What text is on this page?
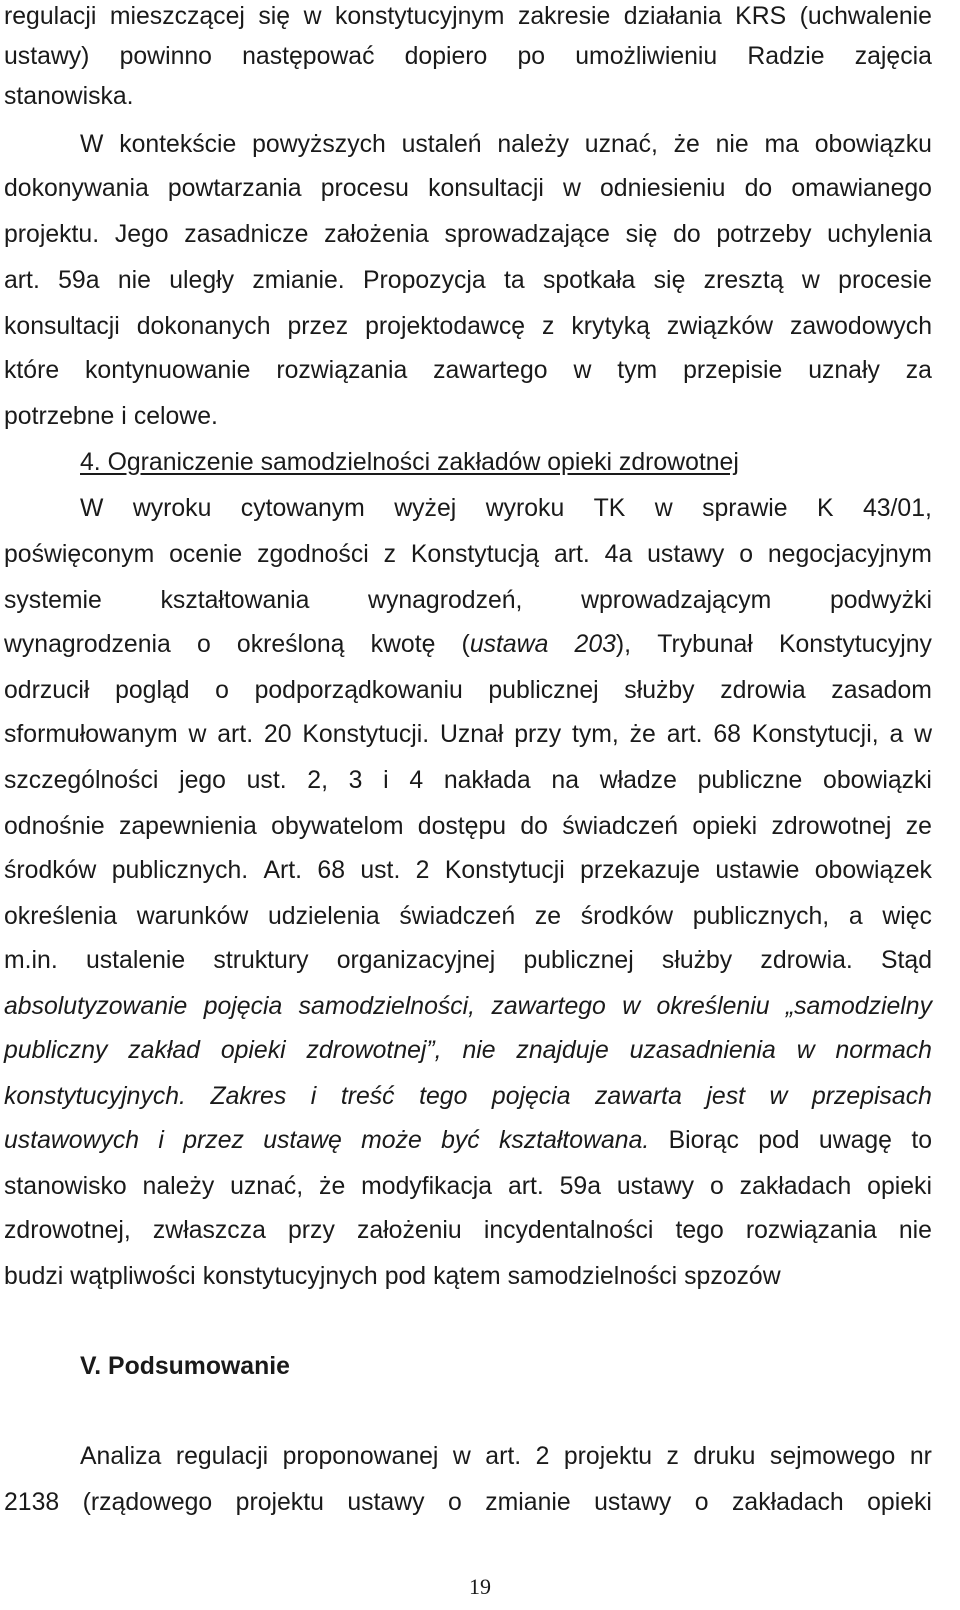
regulacji mieszczącej się w konstytucyjnym zakresie działania KRS (uchwalenie
ustawy) powinno następować dopiero po umożliwieniu Radzie zajęcia
stanowiska.
W kontekście powyższych ustaleń należy uznać, że nie ma obowiązku
dokonywania powtarzania procesu konsultacji w odniesieniu do omawianego
projektu. Jego zasadnicze założenia sprowadzające się do potrzeby uchylenia
art. 59a nie uległy zmianie. Propozycja ta spotkała się zresztą w procesie
konsultacji dokonanych przez projektodawcę z krytyką związków zawodowych
które kontynuowanie rozwiązania zawartego w tym przepisie uznały za
potrzebne i celowe.
4. Ograniczenie samodzielności zakładów opieki zdrowotnej
W wyroku cytowanym wyżej wyroku TK w sprawie K 43/01,
poświęconym ocenie zgodności z Konstytucją art. 4a ustawy o negocjacyjnym
systemie kształtowania wynagrodzeń, wprowadzającym podwyżki
wynagrodzenia o określoną kwotę (ustawa 203), Trybunał Konstytucyjny
odrzucił pogląd o podporządkowaniu publicznej służby zdrowia zasadom
sformułowanym w art. 20 Konstytucji. Uznał przy tym, że art. 68 Konstytucji, a w
szczególności jego ust. 2, 3 i 4 nakłada na władze publiczne obowiązki
odnośnie zapewnienia obywatelom dostępu do świadczeń opieki zdrowotnej ze
środków publicznych. Art. 68 ust. 2 Konstytucji przekazuje ustawie obowiązek
określenia warunków udzielenia świadczeń ze środków publicznych, a więc
m.in. ustalenie struktury organizacyjnej publicznej służby zdrowia. Stąd
absolutyzowanie pojęcia samodzielności, zawartego w określeniu „samodzielny
publiczny zakład opieki zdrowotnej”, nie znajduje uzasadnienia w normach
konstytucyjnych. Zakres i treść tego pojęcia zawarta jest w przepisach
ustawowych i przez ustawę może być kształtowana. Biorąc pod uwagę to
stanowisko należy uznać, że modyfikacja art. 59a ustawy o zakładach opieki
zdrowotnej, zwłaszcza przy założeniu incydentalności tego rozwiązania nie
budzi wątpliwości konstytucyjnych pod kątem samodzielności spzozów
V. Podsumowanie
Analiza regulacji proponowanej w art. 2 projektu z druku sejmowego nr
2138 (rządowego projektu ustawy o zmianie ustawy o zakładach opieki
19
